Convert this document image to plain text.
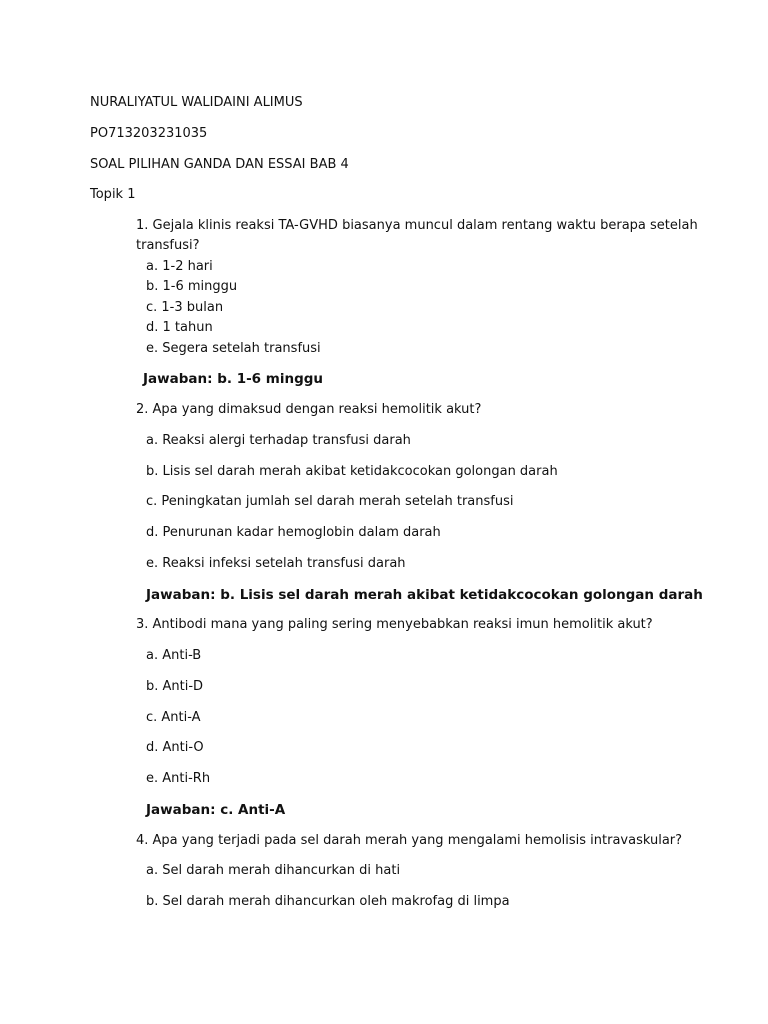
NURALIYATUL WALIDAINI ALIMUS
PO713203231035
SOAL PILIHAN GANDA DAN ESSAI BAB 4
Topik 1
1. Gejala klinis reaksi TA-GVHD biasanya muncul dalam rentang waktu berapa setelah
transfusi?
a. 1-2 hari
b. 1-6 minggu
c. 1-3 bulan
d. 1 tahun
e. Segera setelah transfusi
Jawaban: b. 1-6 minggu
2. Apa yang dimaksud dengan reaksi hemolitik akut?
a. Reaksi alergi terhadap transfusi darah
b. Lisis sel darah merah akibat ketidakcocokan golongan darah
c. Peningkatan jumlah sel darah merah setelah transfusi
d. Penurunan kadar hemoglobin dalam darah
e. Reaksi infeksi setelah transfusi darah
Jawaban: b. Lisis sel darah merah akibat ketidakcocokan golongan darah
3. Antibodi mana yang paling sering menyebabkan reaksi imun hemolitik akut?
a. Anti-B
b. Anti-D
c. Anti-A
d. Anti-O
e. Anti-Rh
Jawaban: c. Anti-A
4. Apa yang terjadi pada sel darah merah yang mengalami hemolisis intravaskular?
a. Sel darah merah dihancurkan di hati
b. Sel darah merah dihancurkan oleh makrofag di limpa
